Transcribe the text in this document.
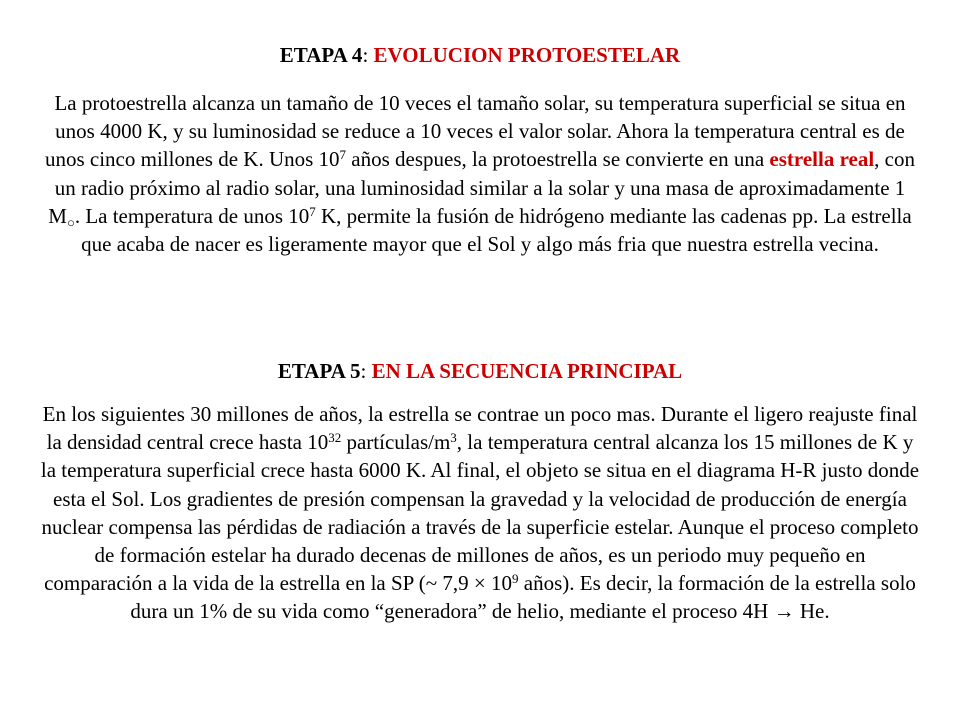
ETAPA 4: EVOLUCION PROTOESTELAR

La protoestrella alcanza un tamaño de 10 veces el tamaño solar, su temperatura superficial se situa en unos 4000 K, y su luminosidad se reduce a 10 veces el valor solar. Ahora la temperatura central es de unos cinco millones de K. Unos $10^7$ años despues, la protoestrella se convierte en una estrella real, con un radio próximo al radio solar, una luminosidad similar a la solar y una masa de aproximadamente 1 $M_○$. La temperatura de unos $10^7$ K, permite la fusión de hidrógeno mediante las cadenas pp. La estrella que acaba de nacer es ligeramente mayor que el Sol y algo más fria que nuestra estrella vecina.

ETAPA 5: EN LA SECUENCIA PRINCIPAL

En los siguientes 30 millones de años, la estrella se contrae un poco mas. Durante el ligero reajuste final la densidad central crece hasta $10^{32}$ partículas/$m^3$, la temperatura central alcanza los 15 millones de K y la temperatura superficial crece hasta 6000 K. Al final, el objeto se situa en el diagrama H-R justo donde esta el Sol. Los gradientes de presión compensan la gravedad y la velocidad de producción de energía nuclear compensa las pérdidas de radiación a través de la superficie estelar. Aunque el proceso completo de formación estelar ha durado decenas de millones de años, es un periodo muy pequeño en comparación a la vida de la estrella en la SP (~ $7,9 \times 10^9$ años). Es decir, la formación de la estrella solo dura un 1% de su vida como “generadora” de helio, mediante el proceso 4H → He.
